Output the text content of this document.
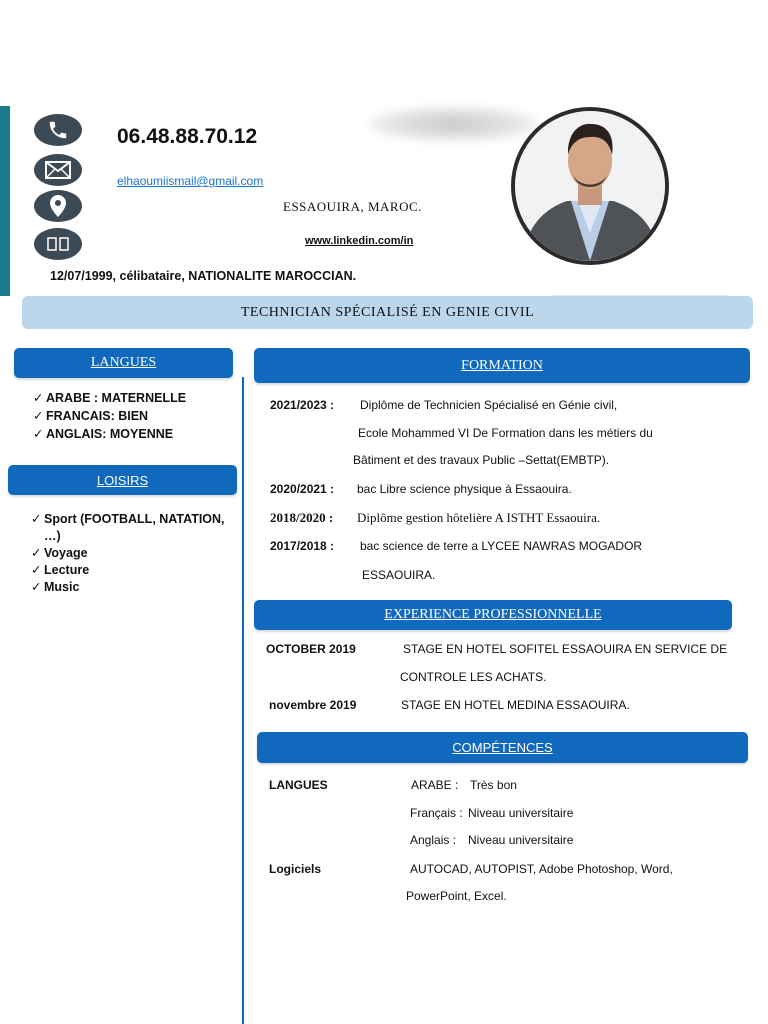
06.48.88.70.12
elhaoumiismail@gmail.com
ESSAOUIRA, MAROC.
www.linkedin.com/in
12/07/1999, célibataire, NATIONALITE MAROCCIAN.
TECHNICIAN SPÉCIALISÉ EN GENIE CIVIL
LANGUES
✓ ARABE : MATERNELLE
✓ FRANCAIS: BIEN
✓ ANGLAIS: MOYENNE
LOISIRS
✓ Sport (FOOTBALL, NATATION, …)
✓ Voyage
✓ Lecture
✓ Music
FORMATION
2021/2023 : Diplôme de Technicien Spécialisé en Génie civil,
Ecole Mohammed VI De Formation dans les métiers du
Bâtiment et des travaux Public –Settat(EMBTP).
2020/2021 : bac Libre science physique à Essaouira.
2018/2020 : Diplôme gestion hôtelière A ISTHT Essaouira.
2017/2018 : bac science de terre a LYCEE NAWRAS MOGADOR
ESSAOUIRA.
EXPERIENCE PROFESSIONNELLE
OCTOBER 2019	STAGE EN HOTEL SOFITEL ESSAOUIRA EN SERVICE DE
CONTROLE LES ACHATS.
novembre 2019	STAGE EN HOTEL MEDINA ESSAOUIRA.
COMPÉTENCES
LANGUES	ARABE : Très bon
Français : Niveau universitaire
Anglais : Niveau universitaire
Logiciels	AUTOCAD, AUTOPIST, Adobe Photoshop, Word,
PowerPoint, Excel.
